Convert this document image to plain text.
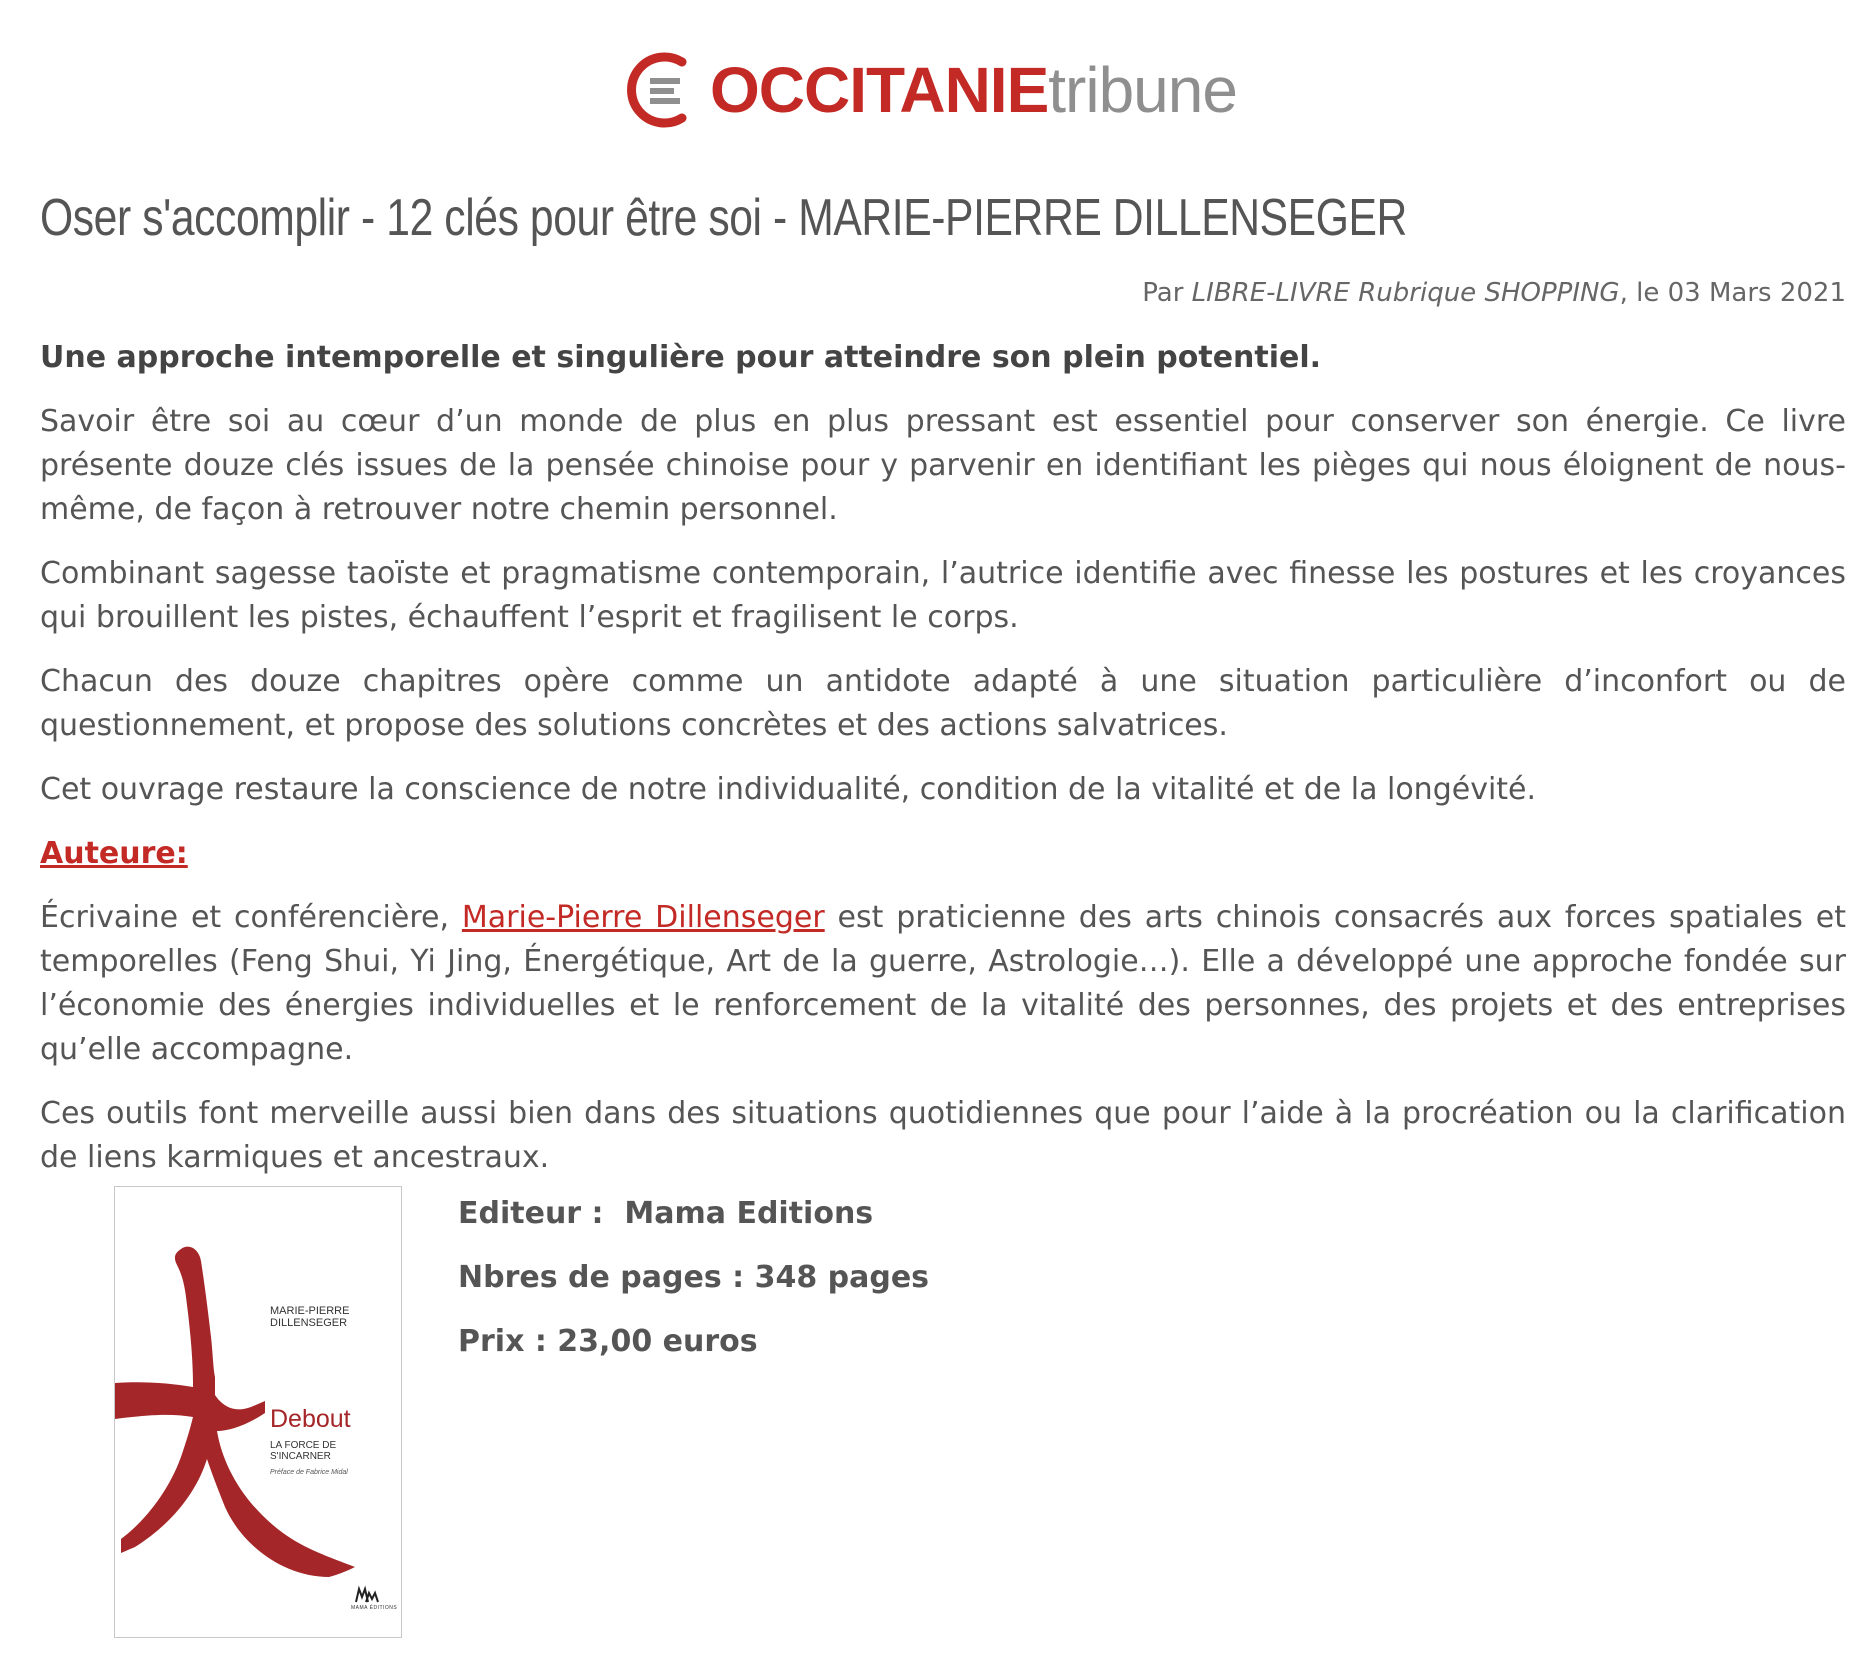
OCCITANIE tribune
Oser s'accomplir - 12 clés pour être soi - MARIE-PIERRE DILLENSEGER
Par LIBRE-LIVRE Rubrique SHOPPING, le 03 Mars 2021

Une approche intemporelle et singulière pour atteindre son plein potentiel.

Savoir être soi au cœur d’un monde de plus en plus pressant est essentiel pour conserver son énergie. Ce livre présente douze clés issues de la pensée chinoise pour y parvenir en identifiant les pièges qui nous éloignent de nous-même, de façon à retrouver notre chemin personnel.

Combinant sagesse taoïste et pragmatisme contemporain, l’autrice identifie avec finesse les postures et les croyances qui brouillent les pistes, échauffent l’esprit et fragilisent le corps.

Chacun des douze chapitres opère comme un antidote adapté à une situation particulière d’inconfort ou de questionnement, et propose des solutions concrètes et des actions salvatrices.

Cet ouvrage restaure la conscience de notre individualité, condition de la vitalité et de la longévité.

Auteure:

Écrivaine et conférencière, Marie-Pierre Dillenseger est praticienne des arts chinois consacrés aux forces spatiales et temporelles (Feng Shui, Yi Jing, Énergétique, Art de la guerre, Astrologie…). Elle a développé une approche fondée sur l’économie des énergies individuelles et le renforcement de la vitalité des personnes, des projets et des entreprises qu’elle accompagne.

Ces outils font merveille aussi bien dans des situations quotidiennes que pour l’aide à la procréation ou la clarification de liens karmiques et ancestraux.

MARIE-PIERRE DILLENSEGER
Debout
LA FORCE DE S'INCARNER
Préface de Fabrice Midal
MAMA ÉDITIONS
Editeur :  Mama Editions
Nbres de pages : 348 pages
Prix : 23,00 euros
